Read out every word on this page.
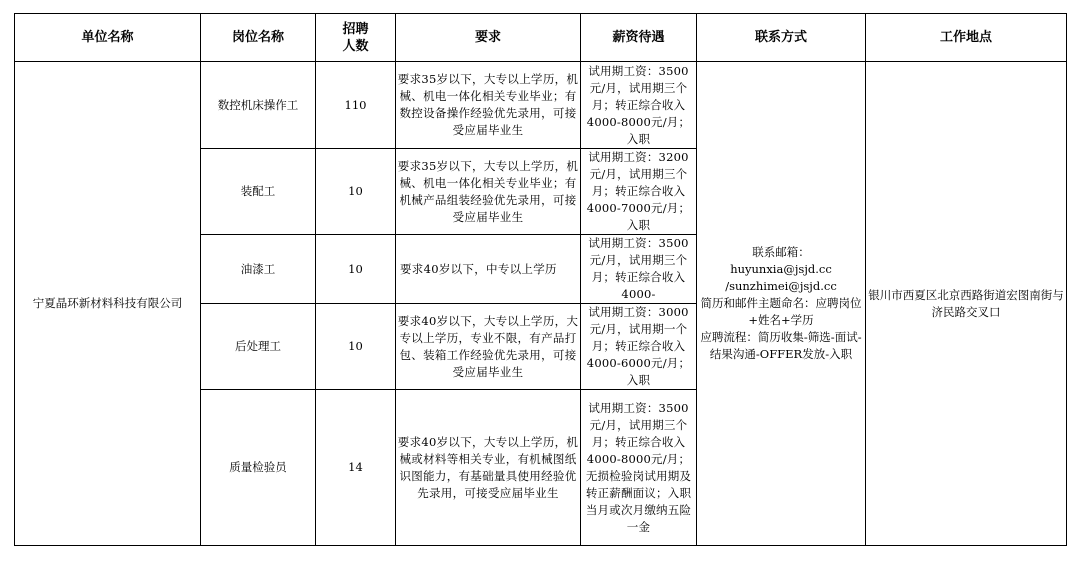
单位名称	岗位名称	招聘
人数	要求	薪资待遇	联系方式	工作地点
宁夏晶环新材料科技有限公司	数控机床操作工	110	要求35岁以下，大专以上学历，机械、机电一体化相关专业毕业；有数控设备操作经验优先录用，可接受应届毕业生	试用期工资：3500元/月，试用期三个月；转正综合收入4000-8000元/月；入职	联系邮箱：
huyunxia@jsjd.cc
/sunzhimei@jsjd.cc
简历和邮件主题命名：应聘岗位+姓名+学历
应聘流程：简历收集-筛选-面试-结果沟通-OFFER发放-入职	银川市西夏区北京西路街道宏图南街与济民路交叉口
	装配工	10	要求35岁以下，大专以上学历，机械、机电一体化相关专业毕业；有机械产品组装经验优先录用，可接受应届毕业生	试用期工资：3200元/月，试用期三个月；转正综合收入4000-7000元/月；入职		
	油漆工	10	要求40岁以下，中专以上学历	试用期工资：3500元/月，试用期三个月；转正综合收入4000-		
	后处理工	10	要求40岁以下，大专以上学历，大专以上学历，专业不限，有产品打包、装箱工作经验优先录用，可接受应届毕业生	试用期工资：3000元/月，试用期一个月；转正综合收入4000-6000元/月；入职		
	质量检验员	14	要求40岁以下，大专以上学历，机械或材料等相关专业，有机械图纸识图能力，有基础量具使用经验优先录用，可接受应届毕业生	试用期工资：3500元/月，试用期三个月；转正综合收入4000-8000元/月；无损检验岗试用期及转正薪酬面议；入职当月或次月缴纳五险一金		
